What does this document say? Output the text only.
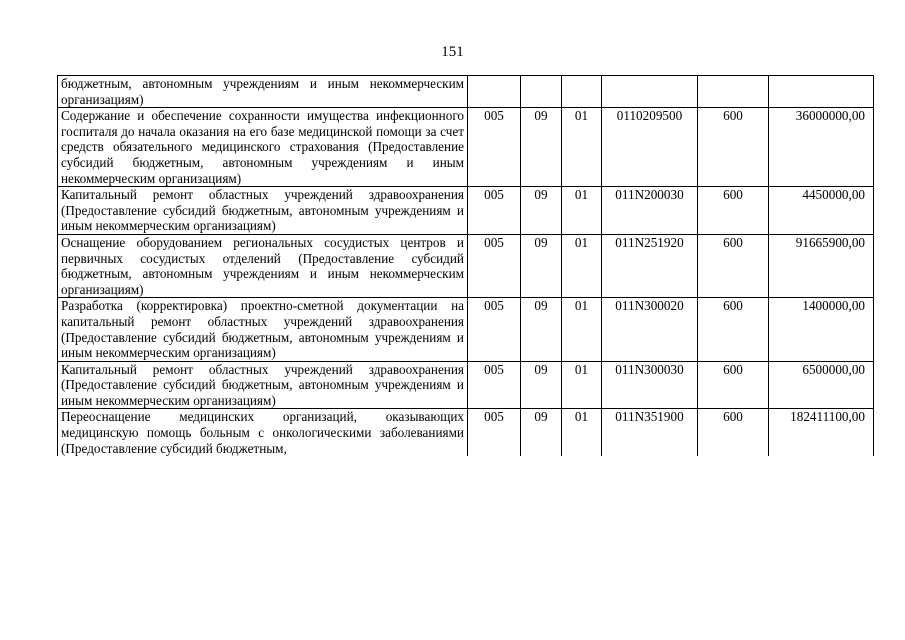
151
бюджетным, автономным учреждениям и иным некоммерческим организациям)						
Содержание и обеспечение сохранности имущества инфекционного госпиталя до начала оказания на его базе медицинской помощи за счет средств обязательного медицинского страхования (Предоставление субсидий бюджетным, автономным учреждениям и иным некоммерческим организациям)	005	09	01	0110209500	600	36000000,00
Капитальный ремонт областных учреждений здравоохранения (Предоставление субсидий бюджетным, автономным учреждениям и иным некоммерческим организациям)	005	09	01	011N200030	600	4450000,00
Оснащение оборудованием региональных сосудистых центров и первичных сосудистых отделений (Предоставление субсидий бюджетным, автономным учреждениям и иным некоммерческим организациям)	005	09	01	011N251920	600	91665900,00
Разработка (корректировка) проектно-сметной документации на капитальный ремонт областных учреждений здравоохранения (Предоставление субсидий бюджетным, автономным учреждениям и иным некоммерческим организациям)	005	09	01	011N300020	600	1400000,00
Капитальный ремонт областных учреждений здравоохранения (Предоставление субсидий бюджетным, автономным учреждениям и иным некоммерческим организациям)	005	09	01	011N300030	600	6500000,00
Переоснащение медицинских организаций, оказывающих медицинскую помощь больным с онкологическими заболеваниями (Предоставление субсидий бюджетным,	005	09	01	011N351900	600	182411100,00
